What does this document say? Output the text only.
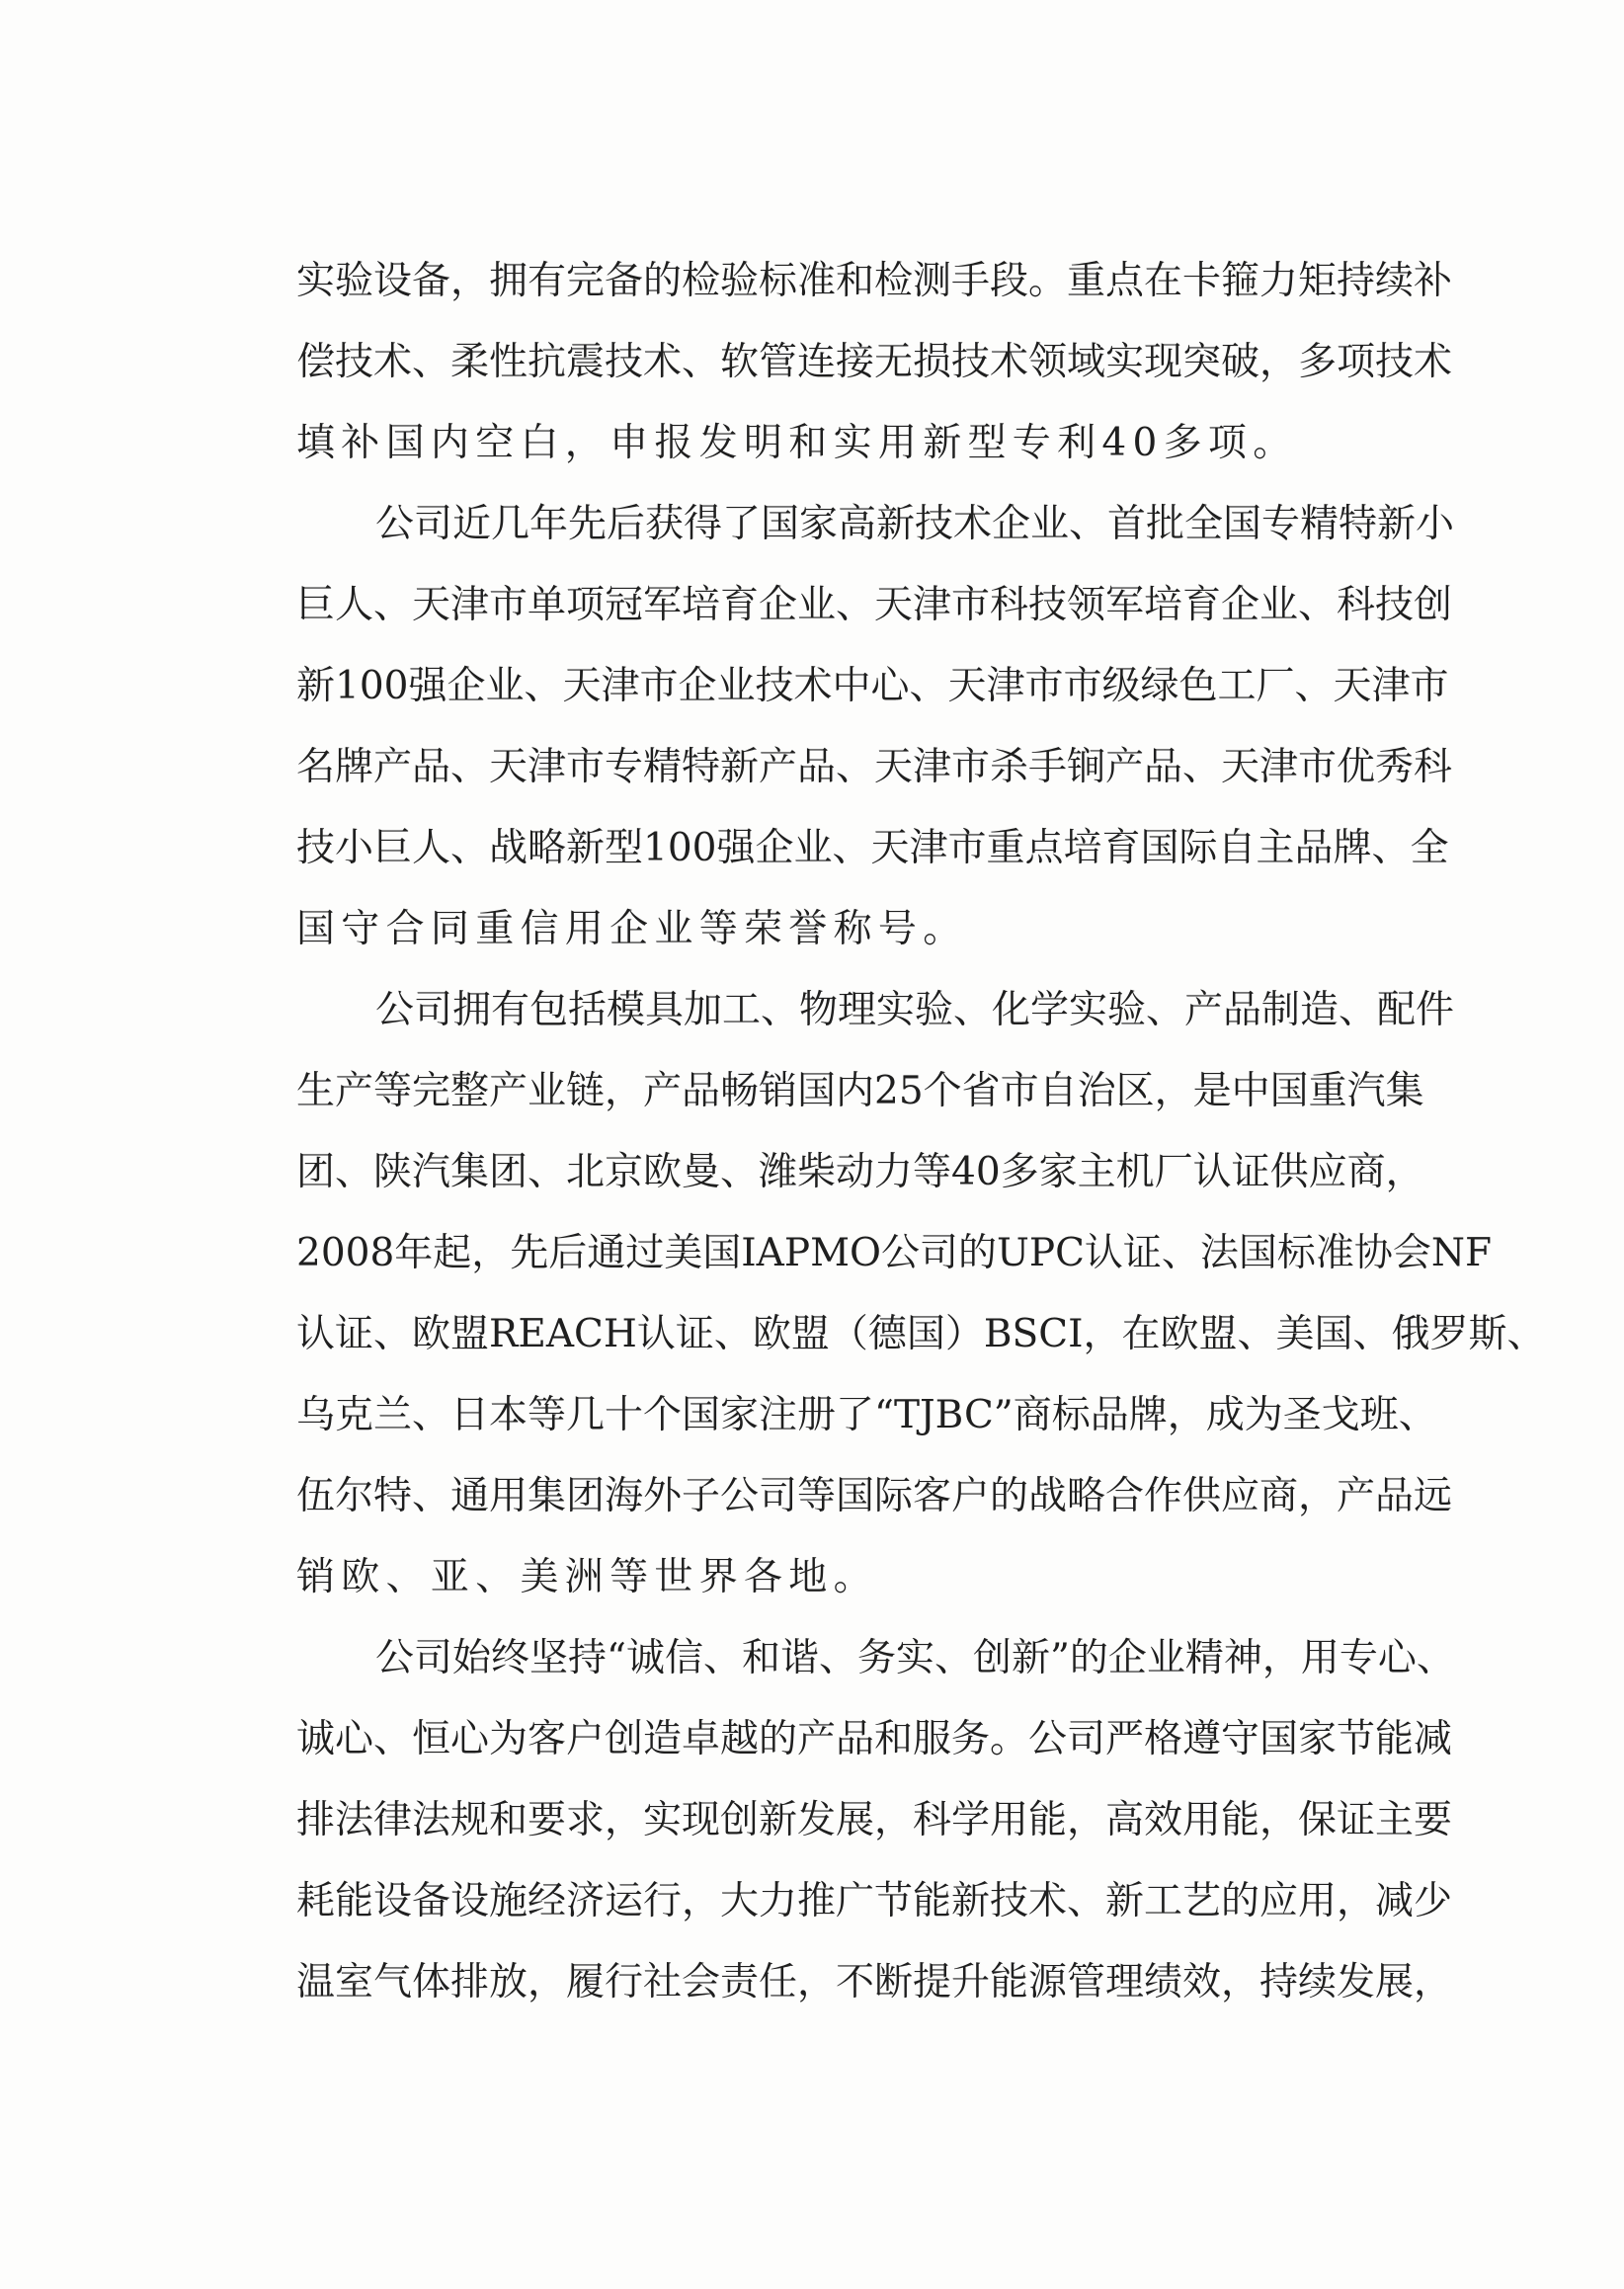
实验设备，拥有完备的检验标准和检测手段。重点在卡箍力矩持续补
偿技术、柔性抗震技术、软管连接无损技术领域实现突破，多项技术
填补国内空白，申报发明和实用新型专利40多项。
公司近几年先后获得了国家高新技术企业、首批全国专精特新小
巨人、天津市单项冠军培育企业、天津市科技领军培育企业、科技创
新100强企业、天津市企业技术中心、天津市市级绿色工厂、天津市
名牌产品、天津市专精特新产品、天津市杀手锏产品、天津市优秀科
技小巨人、战略新型100强企业、天津市重点培育国际自主品牌、全
国守合同重信用企业等荣誉称号。
公司拥有包括模具加工、物理实验、化学实验、产品制造、配件
生产等完整产业链，产品畅销国内25个省市自治区，是中国重汽集
团、陕汽集团、北京欧曼、潍柴动力等40多家主机厂认证供应商，
2008年起，先后通过美国IAPMO公司的UPC认证、法国标准协会NF
认证、欧盟REACH认证、欧盟（德国）BSCI，在欧盟、美国、俄罗斯、
乌克兰、日本等几十个国家注册了“TJBC”商标品牌，成为圣戈班、
伍尔特、通用集团海外子公司等国际客户的战略合作供应商，产品远
销欧、亚、美洲等世界各地。
公司始终坚持“诚信、和谐、务实、创新”的企业精神，用专心、
诚心、恒心为客户创造卓越的产品和服务。公司严格遵守国家节能减
排法律法规和要求，实现创新发展，科学用能，高效用能，保证主要
耗能设备设施经济运行，大力推广节能新技术、新工艺的应用，减少
温室气体排放，履行社会责任，不断提升能源管理绩效，持续发展，
